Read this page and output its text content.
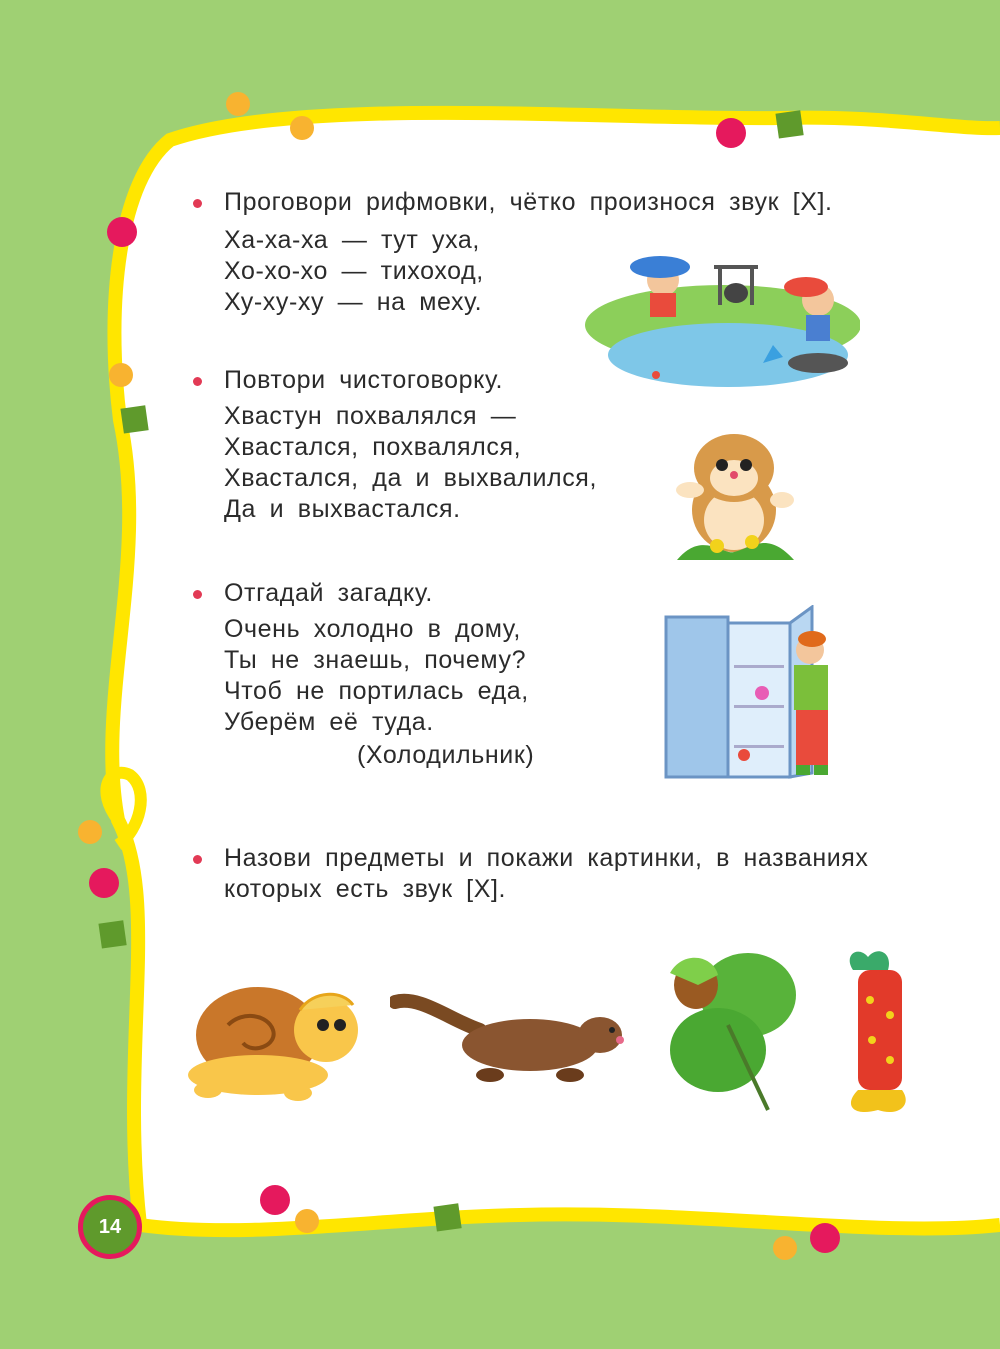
Проговори рифмовки, чётко произнося звук [Х].
Ха-ха-ха — тут уха,
Хо-хо-хо — тихоход,
Ху-ху-ху — на меху.
Повтори чистоговорку.
Хвастун похвалялся —
Хвастался, похвалялся,
Хвастался, да и выхвалился,
Да и выхвастался.
Отгадай загадку.
Очень холодно в дому,
Ты не знаешь, почему?
Чтоб не портилась еда,
Уберём её туда.
(Холодильник)
Назови предметы и покажи картинки, в названиях
которых есть звук [Х].
14
